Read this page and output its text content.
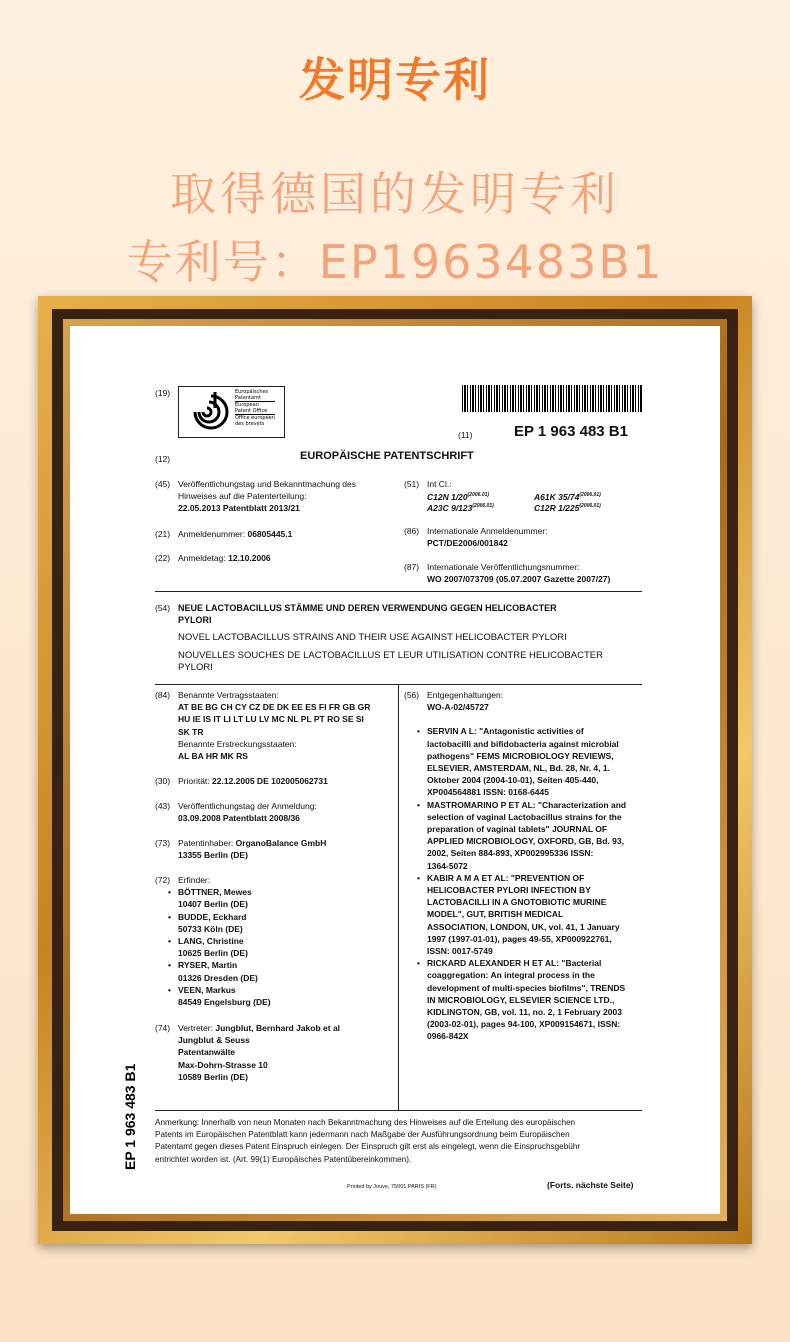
发明专利
取得德国的发明专利
专利号：EP1963483B1
(19)	Europäisches
Patentamt
European
Patent Office
Office européen
des brevets
(11)	EP 1 963 483 B1
(12)	EUROPÄISCHE PATENTSCHRIFT
(45) Veröffentlichungstag und Bekanntmachung des
Hinweises auf die Patenterteilung:
22.05.2013 Patentblatt 2013/21
(21) Anmeldenummer: 06805445.1
(22) Anmeldetag: 12.10.2006
(51) Int Cl.:
C12N $1/20^{(2006.01)}$	A61K $35/74^{(2006.01)}$
A23C $9/123^{(2006.01)}$	C12R $1/225^{(2006.01)}$
(86) Internationale Anmeldenummer:
PCT/DE2006/001842
(87) Internationale Veröffentlichungsnummer:
WO 2007/073709 (05.07.2007 Gazette 2007/27)
(54) NEUE LACTOBACILLUS STÄMME UND DEREN VERWENDUNG GEGEN HELICOBACTER
PYLORI
NOVEL LACTOBACILLUS STRAINS AND THEIR USE AGAINST HELICOBACTER PYLORI
NOUVELLES SOUCHES DE LACTOBACILLUS ET LEUR UTILISATION CONTRE HELICOBACTER
PYLORI
(84) Benannte Vertragsstaaten:
AT BE BG CH CY CZ DE DK EE ES FI FR GB GR
HU IE IS IT LI LT LU LV MC NL PL PT RO SE SI
SK TR
Benannte Erstreckungsstaaten:
AL BA HR MK RS
(30) Priorität: 22.12.2005 DE 102005062731
(43) Veröffentlichungstag der Anmeldung:
03.09.2008 Patentblatt 2008/36
(73) Patentinhaber: OrganoBalance GmbH
13355 Berlin (DE)
(72) Erfinder:
• BÖTTNER, Mewes
10407 Berlin (DE)
• BUDDE, Eckhard
50733 Köln (DE)
• LANG, Christine
10625 Berlin (DE)
• RYSER, Martin
01326 Dresden (DE)
• VEEN, Markus
84549 Engelsburg (DE)
(74) Vertreter: Jungblut, Bernhard Jakob et al
Jungblut & Seuss
Patentanwälte
Max-Dohrn-Strasse 10
10589 Berlin (DE)
(56) Entgegenhaltungen:
WO-A-02/45727
• SERVIN A L: "Antagonistic activities of
lactobacilli and bifidobacteria against microbial
pathogens" FEMS MICROBIOLOGY REVIEWS,
ELSEVIER, AMSTERDAM, NL, Bd. 28, Nr. 4, 1.
Oktober 2004 (2004-10-01), Seiten 405-440,
XP004564881 ISSN: 0168-6445
• MASTROMARINO P ET AL: "Characterization and
selection of vaginal Lactobacillus strains for the
preparation of vaginal tablets" JOURNAL OF
APPLIED MICROBIOLOGY, OXFORD, GB, Bd. 93,
2002, Seiten 884-893, XP002995336 ISSN:
1364-5072
• KABIR A M A ET AL: "PREVENTION OF
HELICOBACTER PYLORI INFECTION BY
LACTOBACILLI IN A GNOTOBIOTIC MURINE
MODEL", GUT, BRITISH MEDICAL
ASSOCIATION, LONDON, UK, vol. 41, 1 January
1997 (1997-01-01), pages 49-55, XP000922761,
ISSN: 0017-5749
• RICKARD ALEXANDER H ET AL: "Bacterial
coaggregation: An integral process in the
development of multi-species biofilms", TRENDS
IN MICROBIOLOGY, ELSEVIER SCIENCE LTD.,
KIDLINGTON, GB, vol. 11, no. 2, 1 February 2003
(2003-02-01), pages 94-100, XP009154671, ISSN:
0966-842X
Anmerkung: Innerhalb von neun Monaten nach Bekanntmachung des Hinweises auf die Erteilung des europäischen
Patents im Europäischen Patentblatt kann jedermann nach Maßgabe der Ausführungsordnung beim Europäischen
Patentamt gegen dieses Patent Einspruch einlegen. Der Einspruch gilt erst als eingelegt, wenn die Einspruchsgebühr
entrichtet worden ist. (Art. 99(1) Europäisches Patentübereinkommen).
Printed by Jouve, 75001 PARIS (FR)	(Forts. nächste Seite)
EP 1 963 483 B1
